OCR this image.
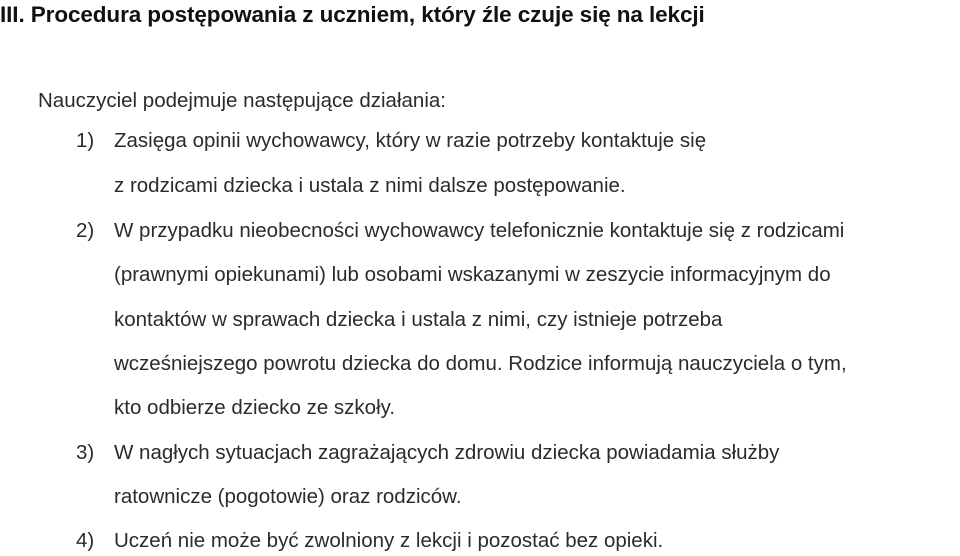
III. Procedura postępowania z uczniem, który źle czuje się na lekcji
Nauczyciel podejmuje następujące działania:
1) Zasięga opinii wychowawcy, który w razie potrzeby kontaktuje się
z rodzicami dziecka i ustala z nimi dalsze postępowanie.
2) W przypadku nieobecności wychowawcy telefonicznie kontaktuje się z rodzicami
(prawnymi opiekunami) lub osobami wskazanymi w zeszycie informacyjnym do
kontaktów w sprawach dziecka i ustala z nimi, czy istnieje potrzeba
wcześniejszego powrotu dziecka do domu. Rodzice informują nauczyciela o tym,
kto odbierze dziecko ze szkoły.
3) W nagłych sytuacjach zagrażających zdrowiu dziecka powiadamia służby
ratownicze (pogotowie) oraz rodziców.
4) Uczeń nie może być zwolniony z lekcji i pozostać bez opieki.
